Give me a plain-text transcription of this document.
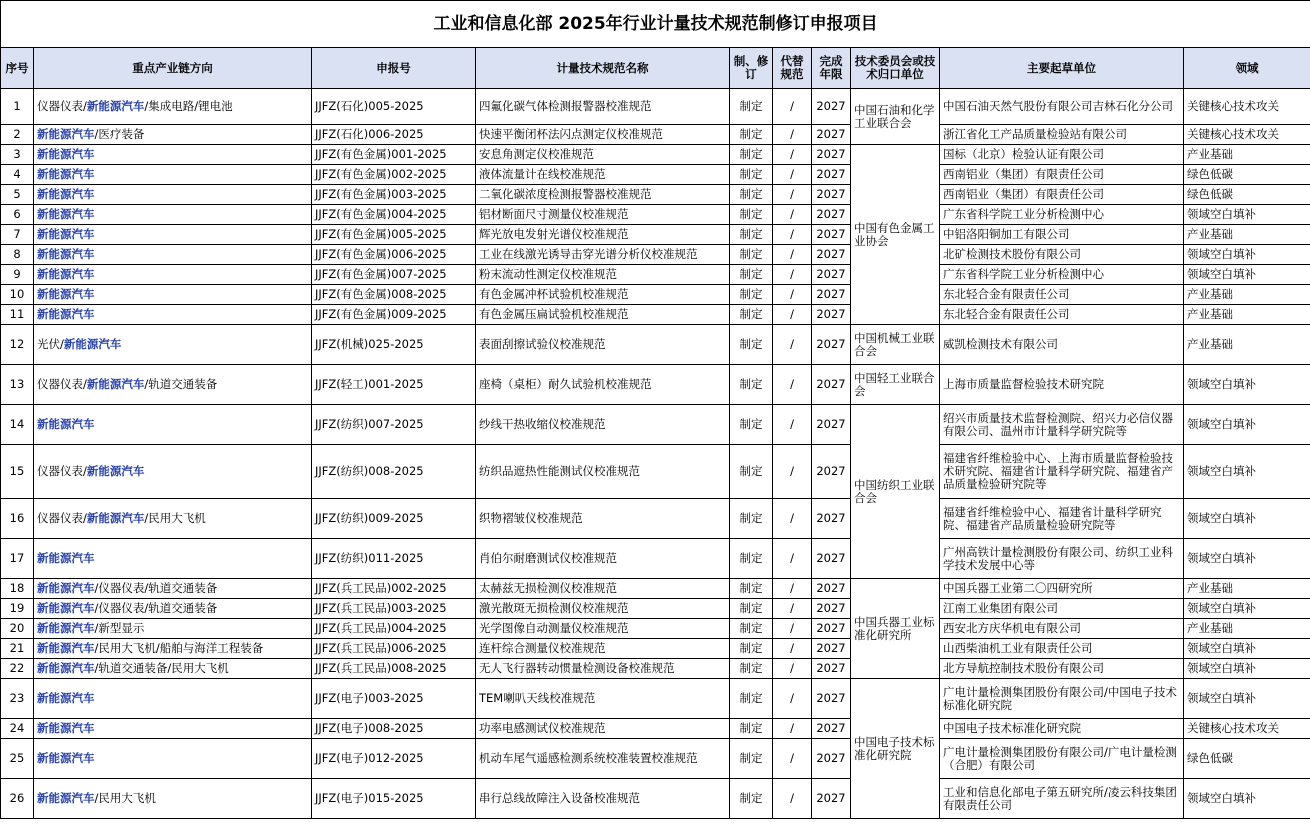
工业和信息化部 2025年行业计量技术规范制修订申报项目									
序号	重点产业链方向	申报号	计量技术规范名称	制、修订	代替规范	完成年限	技术委员会或技术归口单位	主要起草单位	领域
1	仪器仪表/新能源汽车/集成电路/锂电池	JJFZ(石化)005-2025	四氟化碳气体检测报警器校准规范	制定	/	2027	中国石油和化学工业联合会	中国石油天然气股份有限公司吉林石化分公司	关键核心技术攻关
2	新能源汽车/医疗装备	JJFZ(石化)006-2025	快速平衡闭杯法闪点测定仪校准规范	制定	/	2027		浙江省化工产品质量检验站有限公司	关键核心技术攻关
3	新能源汽车	JJFZ(有色金属)001-2025	安息角测定仪校准规范	制定	/	2027	中国有色金属工业协会	国标（北京）检验认证有限公司	产业基础
4	新能源汽车	JJFZ(有色金属)002-2025	液体流量计在线校准规范	制定	/	2027		西南铝业（集团）有限责任公司	绿色低碳
5	新能源汽车	JJFZ(有色金属)003-2025	二氧化碳浓度检测报警器校准规范	制定	/	2027		西南铝业（集团）有限责任公司	绿色低碳
6	新能源汽车	JJFZ(有色金属)004-2025	铝材断面尺寸测量仪校准规范	制定	/	2027		广东省科学院工业分析检测中心	领域空白填补
7	新能源汽车	JJFZ(有色金属)005-2025	辉光放电发射光谱仪校准规范	制定	/	2027		中铝洛阳铜加工有限公司	产业基础
8	新能源汽车	JJFZ(有色金属)006-2025	工业在线激光诱导击穿光谱分析仪校准规范	制定	/	2027		北矿检测技术股份有限公司	领域空白填补
9	新能源汽车	JJFZ(有色金属)007-2025	粉末流动性测定仪校准规范	制定	/	2027		广东省科学院工业分析检测中心	领域空白填补
10	新能源汽车	JJFZ(有色金属)008-2025	有色金属冲杯试验机校准规范	制定	/	2027		东北轻合金有限责任公司	产业基础
11	新能源汽车	JJFZ(有色金属)009-2025	有色金属压扁试验机校准规范	制定	/	2027		东北轻合金有限责任公司	产业基础
12	光伏/新能源汽车	JJFZ(机械)025-2025	表面刮擦试验仪校准规范	制定	/	2027	中国机械工业联合会	威凯检测技术有限公司	产业基础
13	仪器仪表/新能源汽车/轨道交通装备	JJFZ(轻工)001-2025	座椅（桌柜）耐久试验机校准规范	制定	/	2027	中国轻工业联合会	上海市质量监督检验技术研究院	领域空白填补
14	新能源汽车	JJFZ(纺织)007-2025	纱线干热收缩仪校准规范	制定	/	2027	中国纺织工业联合会	绍兴市质量技术监督检测院、绍兴力必信仪器有限公司、温州市计量科学研究院等	领域空白填补
15	仪器仪表/新能源汽车	JJFZ(纺织)008-2025	纺织品遮热性能测试仪校准规范	制定	/	2027		福建省纤维检验中心、上海市质量监督检验技术研究院、福建省计量科学研究院、福建省产品质量检验研究院等	领域空白填补
16	仪器仪表/新能源汽车/民用大飞机	JJFZ(纺织)009-2025	织物褶皱仪校准规范	制定	/	2027		福建省纤维检验中心、福建省计量科学研究院、福建省产品质量检验研究院等	领域空白填补
17	新能源汽车	JJFZ(纺织)011-2025	肖伯尔耐磨测试仪校准规范	制定	/	2027		广州高铁计量检测股份有限公司、纺织工业科学技术发展中心等	领域空白填补
18	新能源汽车/仪器仪表/轨道交通装备	JJFZ(兵工民品)002-2025	太赫兹无损检测仪校准规范	制定	/	2027	中国兵器工业标准化研究所	中国兵器工业第二〇四研究所	产业基础
19	新能源汽车/仪器仪表/轨道交通装备	JJFZ(兵工民品)003-2025	激光散斑无损检测仪校准规范	制定	/	2027		江南工业集团有限公司	领域空白填补
20	新能源汽车/新型显示	JJFZ(兵工民品)004-2025	光学图像自动测量仪校准规范	制定	/	2027		西安北方庆华机电有限公司	产业基础
21	新能源汽车/民用大飞机/船舶与海洋工程装备	JJFZ(兵工民品)006-2025	连杆综合测量仪校准规范	制定	/	2027		山西柴油机工业有限责任公司	领域空白填补
22	新能源汽车/轨道交通装备/民用大飞机	JJFZ(兵工民品)008-2025	无人飞行器转动惯量检测设备校准规范	制定	/	2027		北方导航控制技术股份有限公司	领域空白填补
23	新能源汽车	JJFZ(电子)003-2025	TEM喇叭天线校准规范	制定	/	2027	中国电子技术标准化研究院	广电计量检测集团股份有限公司/中国电子技术标准化研究院	领域空白填补
24	新能源汽车	JJFZ(电子)008-2025	功率电感测试仪校准规范	制定	/	2027		中国电子技术标准化研究院	关键核心技术攻关
25	新能源汽车	JJFZ(电子)012-2025	机动车尾气遥感检测系统校准装置校准规范	制定	/	2027		广电计量检测集团股份有限公司/广电计量检测（合肥）有限公司	绿色低碳
26	新能源汽车/民用大飞机	JJFZ(电子)015-2025	串行总线故障注入设备校准规范	制定	/	2027		工业和信息化部电子第五研究所/凌云科技集团有限责任公司	领域空白填补
